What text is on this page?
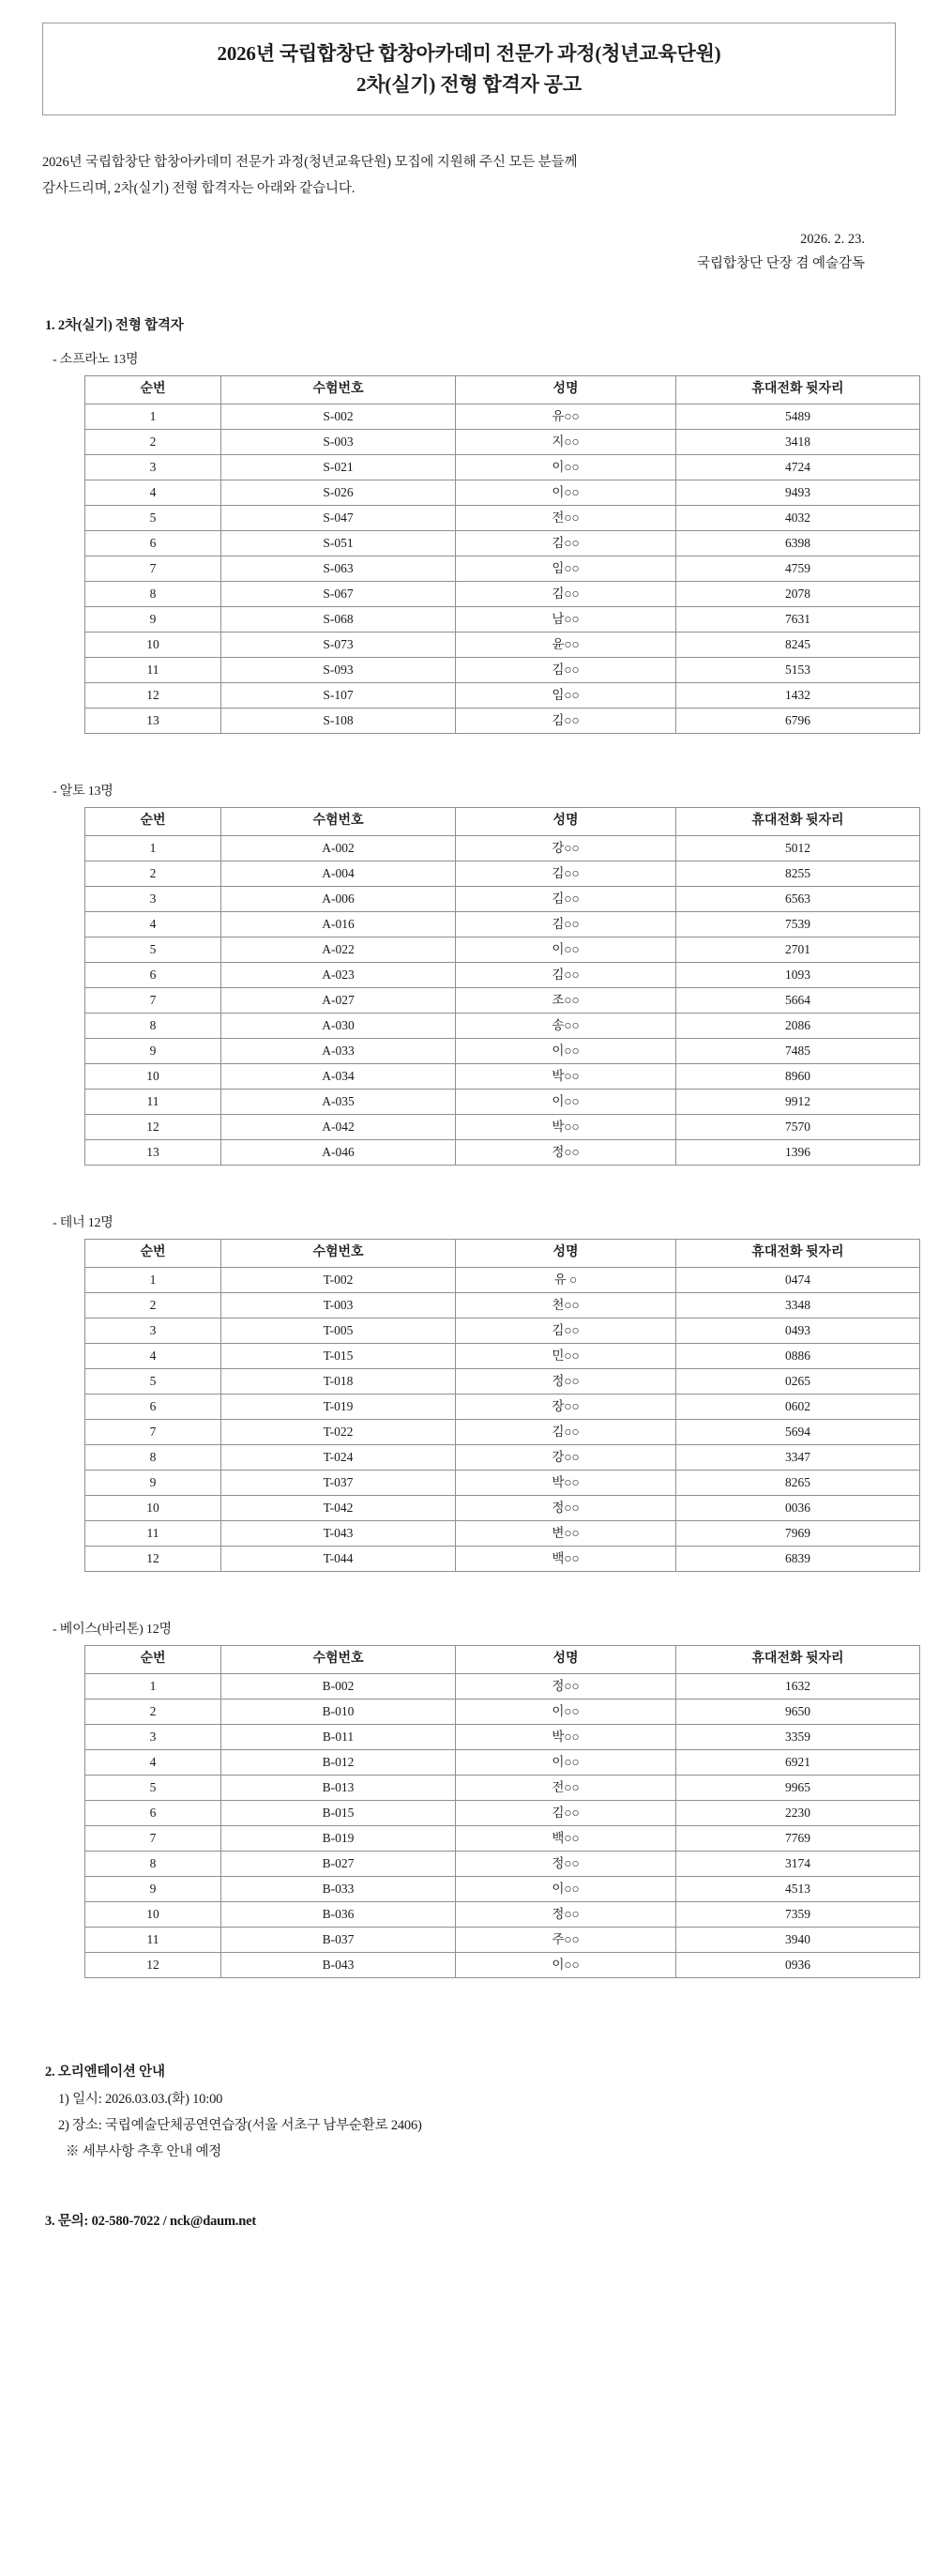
2026년 국립합창단 합창아카데미 전문가 과정(청년교육단원)
2차(실기) 전형 합격자 공고
2026년 국립합창단 합창아카데미 전문가 과정(청년교육단원) 모집에 지원해 주신 모든 분들께
감사드리며, 2차(실기) 전형 합격자는 아래와 같습니다.
2026. 2. 23.
국립합창단 단장 겸 예술감독
1. 2차(실기) 전형 합격자
- 소프라노 13명
순번	수험번호	성명	휴대전화 뒷자리
1	S-002	유○○	5489
2	S-003	지○○	3418
3	S-021	이○○	4724
4	S-026	이○○	9493
5	S-047	전○○	4032
6	S-051	김○○	6398
7	S-063	임○○	4759
8	S-067	김○○	2078
9	S-068	남○○	7631
10	S-073	윤○○	8245
11	S-093	김○○	5153
12	S-107	임○○	1432
13	S-108	김○○	6796
- 알토 13명
순번	수험번호	성명	휴대전화 뒷자리
1	A-002	강○○	5012
2	A-004	김○○	8255
3	A-006	김○○	6563
4	A-016	김○○	7539
5	A-022	이○○	2701
6	A-023	김○○	1093
7	A-027	조○○	5664
8	A-030	송○○	2086
9	A-033	이○○	7485
10	A-034	박○○	8960
11	A-035	이○○	9912
12	A-042	박○○	7570
13	A-046	정○○	1396
- 테너 12명
순번	수험번호	성명	휴대전화 뒷자리
1	T-002	유 ○	0474
2	T-003	천○○	3348
3	T-005	김○○	0493
4	T-015	민○○	0886
5	T-018	정○○	0265
6	T-019	장○○	0602
7	T-022	김○○	5694
8	T-024	강○○	3347
9	T-037	박○○	8265
10	T-042	정○○	0036
11	T-043	변○○	7969
12	T-044	백○○	6839
- 베이스(바리톤) 12명
순번	수험번호	성명	휴대전화 뒷자리
1	B-002	정○○	1632
2	B-010	이○○	9650
3	B-011	박○○	3359
4	B-012	이○○	6921
5	B-013	전○○	9965
6	B-015	김○○	2230
7	B-019	백○○	7769
8	B-027	정○○	3174
9	B-033	이○○	4513
10	B-036	정○○	7359
11	B-037	주○○	3940
12	B-043	이○○	0936
2. 오리엔테이션 안내
1) 일시: 2026.03.03.(화) 10:00
2) 장소: 국립예술단체공연연습장(서울 서초구 남부순환로 2406)
※ 세부사항 추후 안내 예정
3. 문의: 02-580-7022 / nck@daum.net
